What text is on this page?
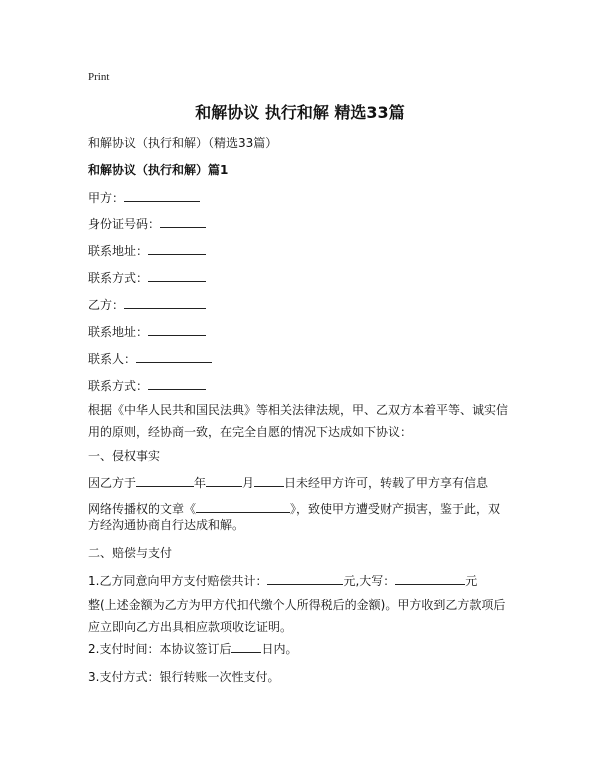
Print
和解协议 执行和解 精选33篇
和解协议（执行和解）（精选33篇）
和解协议（执行和解）篇1
甲方：
身份证号码：
联系地址：
联系方式：
乙方：
联系地址：
联系人：
联系方式：
根据《中华人民共和国民法典》等相关法律法规，甲、乙双方本着平等、诚实信用的原则，经协商一致，在完全自愿的情况下达成如下协议：
一、侵权事实
因乙方于	年	月	日未经甲方许可，转载了甲方享有信息
网络传播权的文章《	》，致使甲方遭受财产损害，鉴于此，双
方经沟通协商自行达成和解。
二、赔偿与支付
1.乙方同意向甲方支付赔偿共计：	元,大写：	元
整(上述金额为乙方为甲方代扣代缴个人所得税后的金额)。甲方收到乙方款项后应立即向乙方出具相应款项收讫证明。
2.支付时间：本协议签订后	日内。
3.支付方式：银行转账一次性支付。
